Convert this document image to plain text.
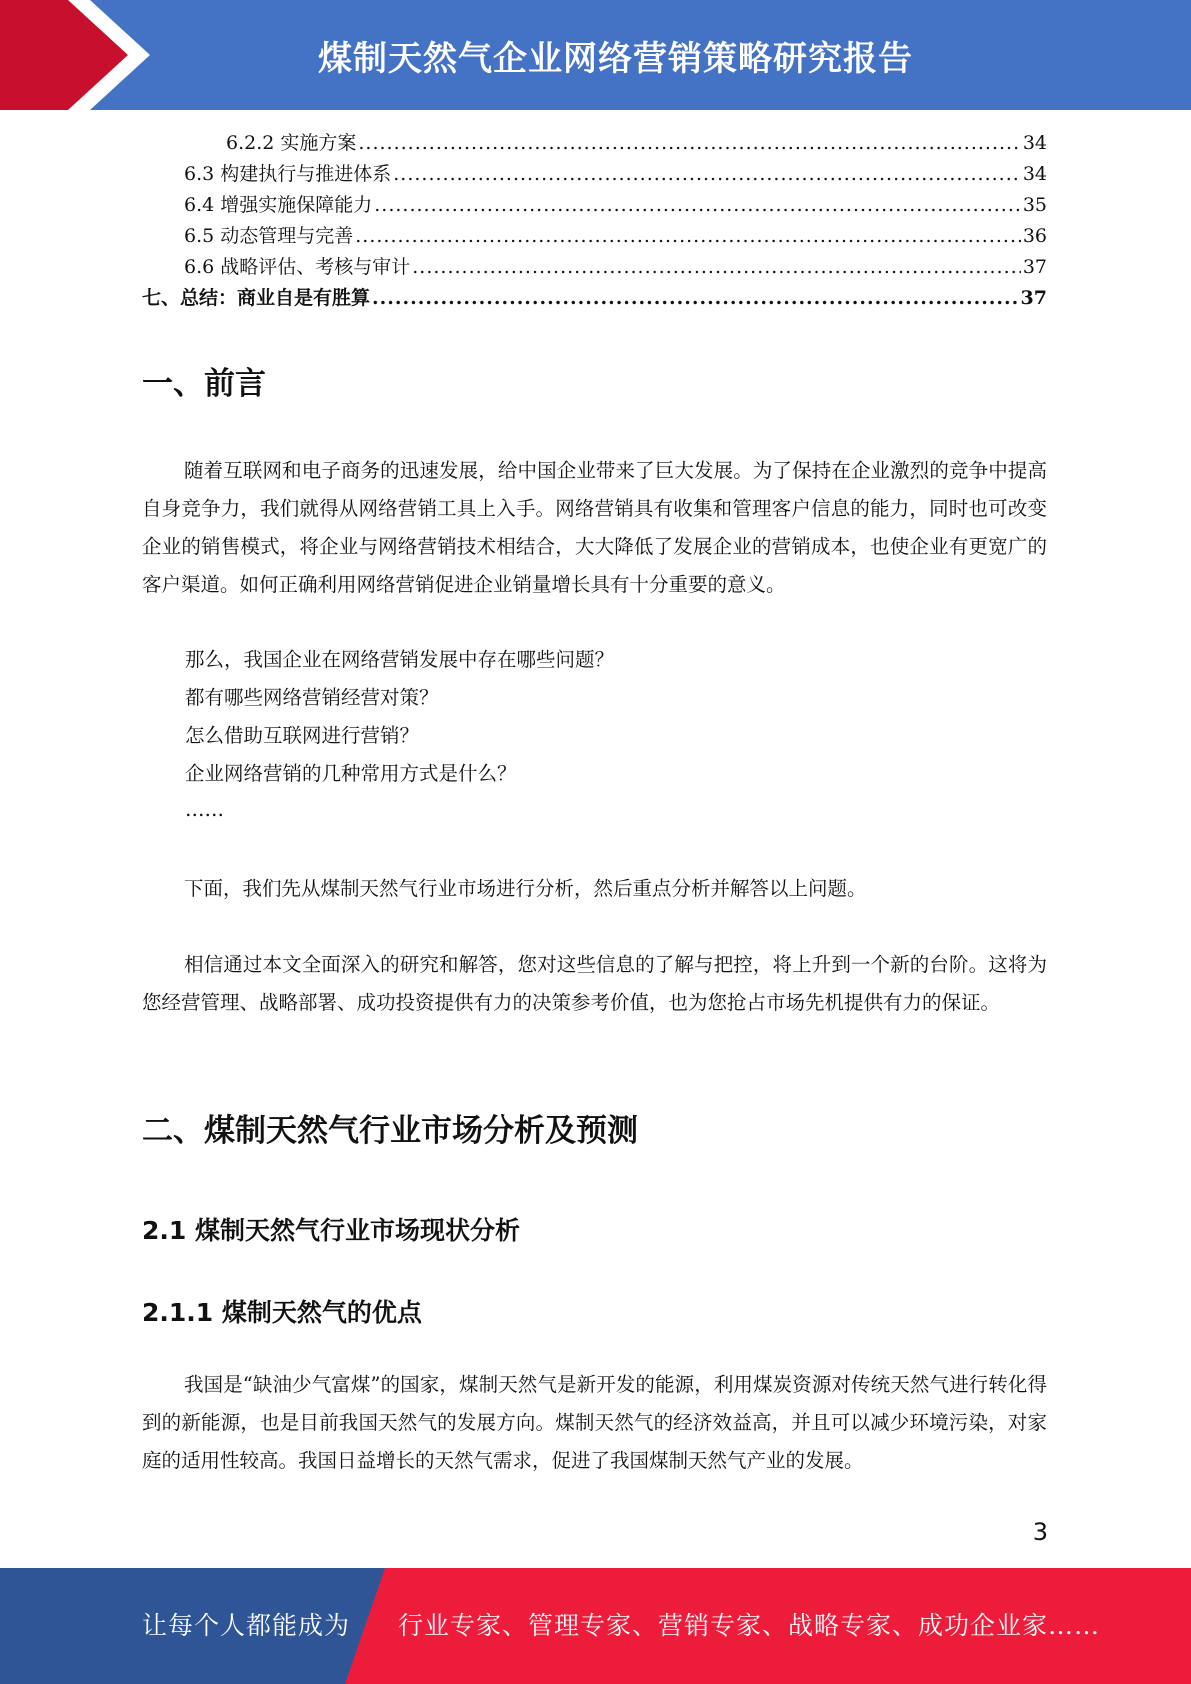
煤制天然气企业网络营销策略研究报告
6.2.2 实施方案 .....	34
6.3 构建执行与推进体系 .....	34
6.4 增强实施保障能力 .....	35
6.5 动态管理与完善 .....	36
6.6 战略评估、考核与审计 .....	37
七、总结：商业自是有胜算 .....	37
一、前言

随着互联网和电子商务的迅速发展，给中国企业带来了巨大发展。为了保持在企业激烈的竞争中提高自身竞争力，我们就得从网络营销工具上入手。网络营销具有收集和管理客户信息的能力，同时也可改变企业的销售模式，将企业与网络营销技术相结合，大大降低了发展企业的营销成本，也使企业有更宽广的客户渠道。如何正确利用网络营销促进企业销量增长具有十分重要的意义。

那么，我国企业在网络营销发展中存在哪些问题？

都有哪些网络营销经营对策？

怎么借助互联网进行营销？

企业网络营销的几种常用方式是什么？

……

下面，我们先从煤制天然气行业市场进行分析，然后重点分析并解答以上问题。

相信通过本文全面深入的研究和解答，您对这些信息的了解与把控，将上升到一个新的台阶。这将为您经营管理、战略部署、成功投资提供有力的决策参考价值，也为您抢占市场先机提供有力的保证。

二、煤制天然气行业市场分析及预测
2.1 煤制天然气行业市场现状分析
2.1.1 煤制天然气的优点

我国是“缺油少气富煤”的国家，煤制天然气是新开发的能源，利用煤炭资源对传统天然气进行转化得到的新能源，也是目前我国天然气的发展方向。煤制天然气的经济效益高，并且可以减少环境污染，对家庭的适用性较高。我国日益增长的天然气需求，促进了我国煤制天然气产业的发展。

3
让每个人都能成为 行业专家、管理专家、营销专家、战略专家、成功企业家……
